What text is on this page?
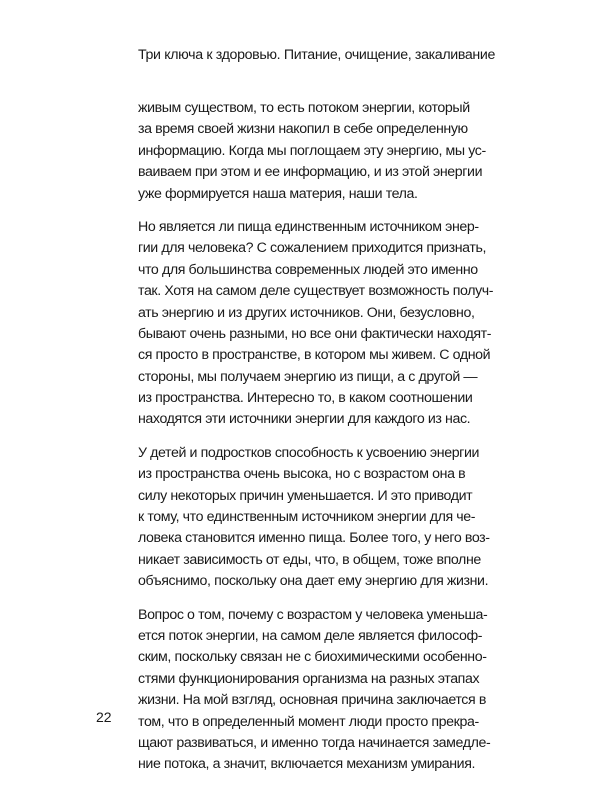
Три ключа к здоровью. Питание, очищение, закаливание
живым существом, то есть потоком энергии, который
за время своей жизни накопил в себе определенную
информацию. Когда мы поглощаем эту энергию, мы ус-
ваиваем при этом и ее информацию, и из этой энергии
уже формируется наша материя, наши тела.
Но является ли пища единственным источником энер-
гии для человека? С сожалением приходится признать,
что для большинства современных людей это именно
так. Хотя на самом деле существует возможность получ-
ать энергию и из других источников. Они, безусловно,
бывают очень разными, но все они фактически находят-
ся просто в пространстве, в котором мы живем. С одной
стороны, мы получаем энергию из пищи, а с другой —
из пространства. Интересно то, в каком соотношении
находятся эти источники энергии для каждого из нас.
У детей и подростков способность к усвоению энергии
из пространства очень высока, но с возрастом она в
силу некоторых причин уменьшается. И это приводит
к тому, что единственным источником энергии для че-
ловека становится именно пища. Более того, у него воз-
никает зависимость от еды, что, в общем, тоже вполне
объяснимо, поскольку она дает ему энергию для жизни.
Вопрос о том, почему с возрастом у человека уменьша-
ется поток энергии, на самом деле является философ-
ским, поскольку связан не с биохимическими особенно-
стями функционирования организма на разных этапах
жизни. На мой взгляд, основная причина заключается в
том, что в определенный момент люди просто прекра-
щают развиваться, и именно тогда начинается замедле-
ние потока, а значит, включается механизм умирания.
22
